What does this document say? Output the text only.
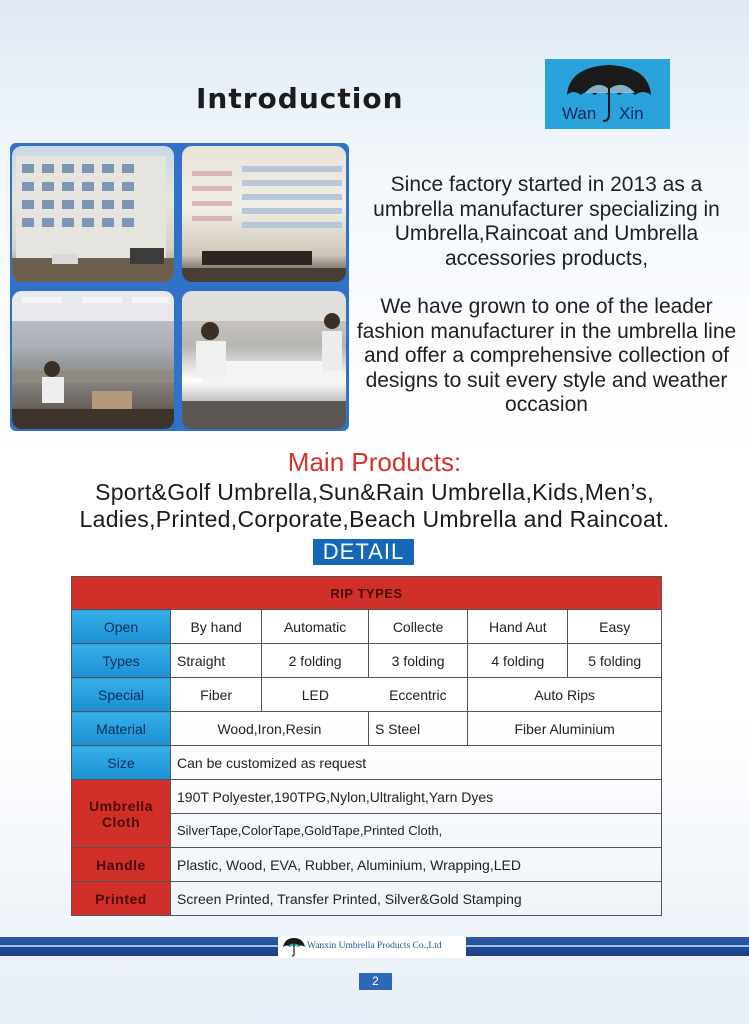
Introduction	Wan Xin

Since factory started in 2013 as a umbrella manufacturer specializing in Umbrella,Raincoat and Umbrella accessories products,

We have grown to one of the leader fashion manufacturer in the umbrella line and offer a comprehensive collection of designs to suit every style and weather occasion

Main Products:
Sport&Golf Umbrella,Sun&Rain Umbrella,Kids,Men’s,
Ladies,Printed,Corporate,Beach Umbrella and Raincoat.
DETAIL
RIP TYPES					
Open	By hand	Automatic	Collecte	Hand Aut	Easy
Types	Straight	2 folding	3 folding	4 folding	5 folding
Special	Fiber	LED	Eccentric	Auto Rips	
Material	Wood,Iron,Resin		S Steel	Fiber Aluminium	
Size	Can be customized as request				

Umbrella
Cloth	190T Polyester,190TPG,Nylon,Ultralight,Yarn Dyes				
	SilverTape,ColorTape,GoldTape,Printed Cloth,				
Handle	Plastic, Wood, EVA, Rubber, Aluminium, Wrapping,LED				
Printed	Screen Printed, Transfer Printed, Silver&Gold Stamping				
Wanxin Umbrella Products Co.,Ltd
2
